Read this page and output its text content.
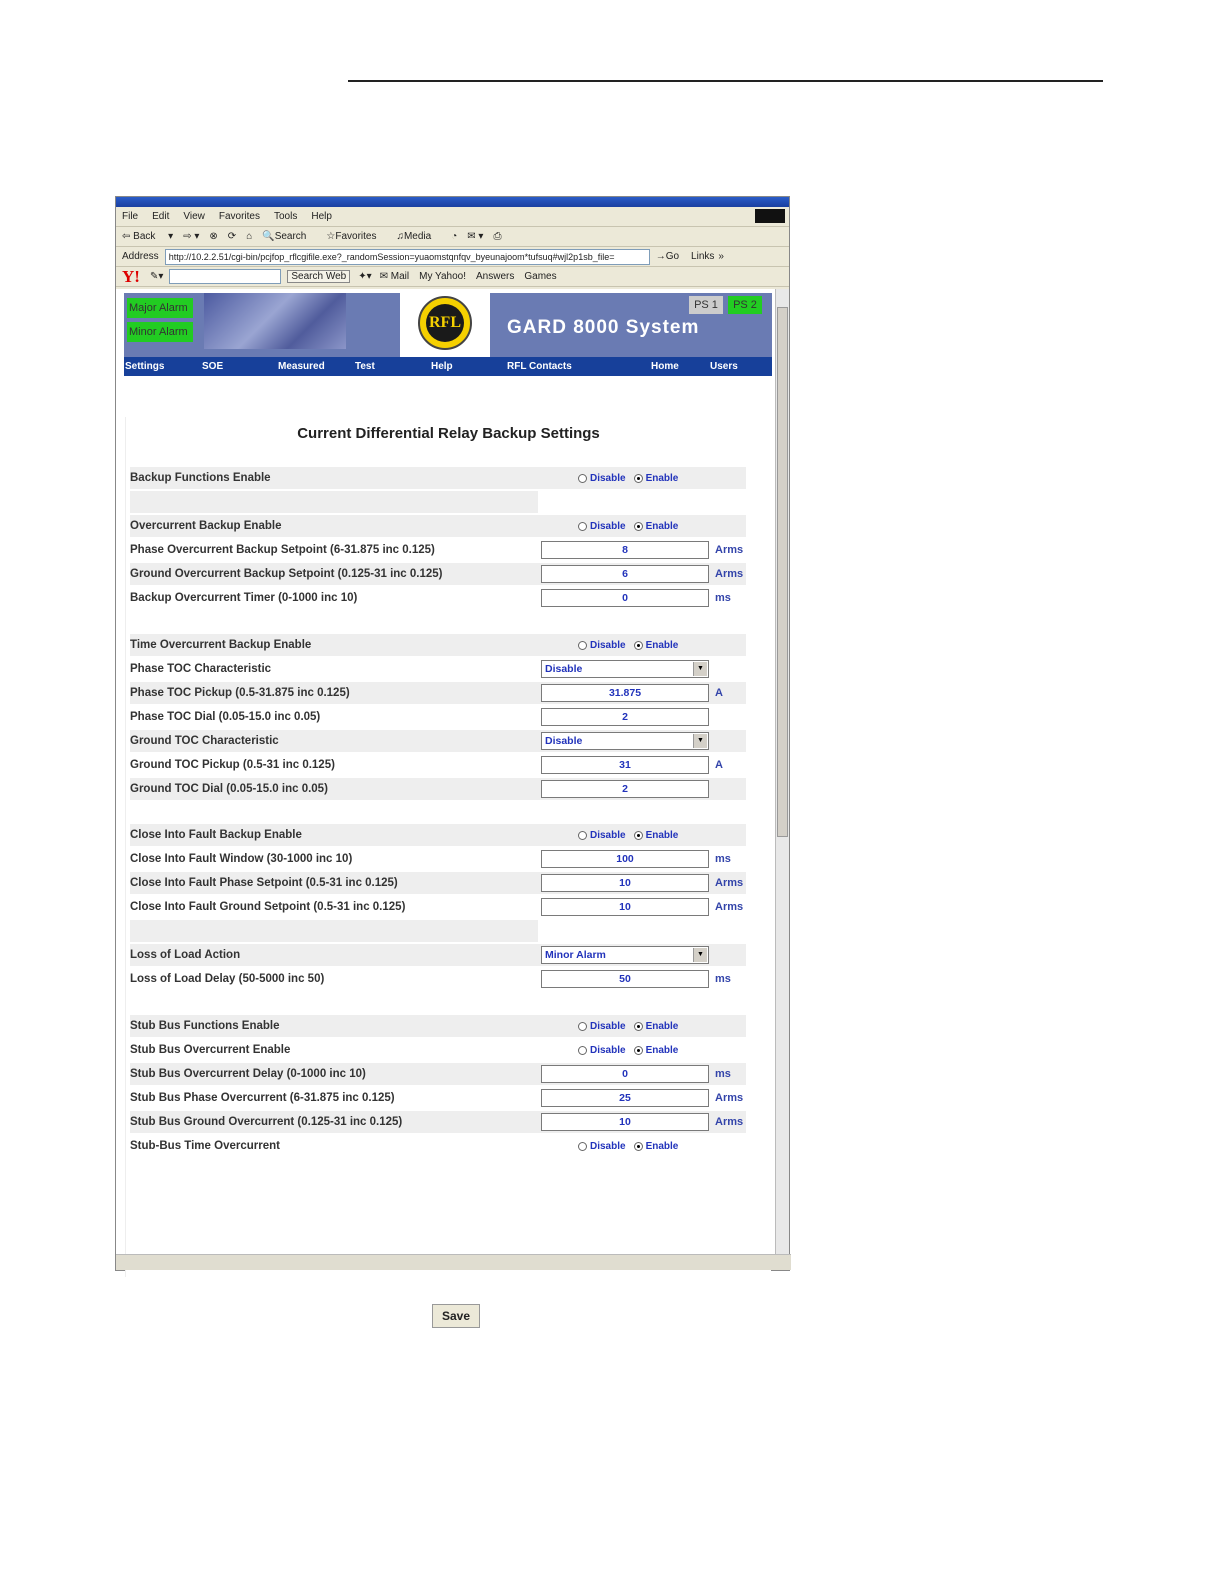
File Edit View Favorites Tools Help
⇦ Back ▾ ⇨ ▾ ⊗ ⟳ ⌂ 🔍Search	☆Favorites	♫Media	◔ ✉ ▾ ⎙
Address	http://10.2.2.51/cgi-bin/pcjfop_rflcgifile.exe?_randomSession=yuaomstqnfqv_byeunajoom*tufsuq#wjl2p1sb_file=	→Go Links »
Y! ✎▾	Search Web	✦▾ ✉ Mail My Yahoo! Answers Games
Major Alarm
Minor Alarm
RFL GARD 8000 System
PS 1	PS 2
Settings	SOE	Measured	Test	Help	RFL Contacts	Home	Users
Current Differential Relay Backup Settings
Backup Functions Enable	Disable Enable
Overcurrent Backup Enable	Disable Enable
Phase Overcurrent Backup Setpoint (6-31.875 inc 0.125)	8	Arms
Ground Overcurrent Backup Setpoint (0.125-31 inc 0.125)	6	Arms
Backup Overcurrent Timer (0-1000 inc 10)	0	ms
Time Overcurrent Backup Enable	Disable Enable
Phase TOC Characteristic	Disable	▼
Phase TOC Pickup (0.5-31.875 inc 0.125)	31.875	A
Phase TOC Dial (0.05-15.0 inc 0.05)	2
Ground TOC Characteristic	Disable	▼
Ground TOC Pickup (0.5-31 inc 0.125)	31	A
Ground TOC Dial (0.05-15.0 inc 0.05)	2
Close Into Fault Backup Enable	Disable Enable
Close Into Fault Window (30-1000 inc 10)	100	ms
Close Into Fault Phase Setpoint (0.5-31 inc 0.125)	10	Arms
Close Into Fault Ground Setpoint (0.5-31 inc 0.125)	10	Arms
Loss of Load Action	Minor Alarm	▼
Loss of Load Delay (50-5000 inc 50)	50	ms
Stub Bus Functions Enable	Disable Enable
Stub Bus Overcurrent Enable	Disable Enable
Stub Bus Overcurrent Delay (0-1000 inc 10)	0	ms
Stub Bus Phase Overcurrent (6-31.875 inc 0.125)	25	Arms
Stub Bus Ground Overcurrent (0.125-31 inc 0.125)	10	Arms
Stub-Bus Time Overcurrent	Disable Enable
Save
